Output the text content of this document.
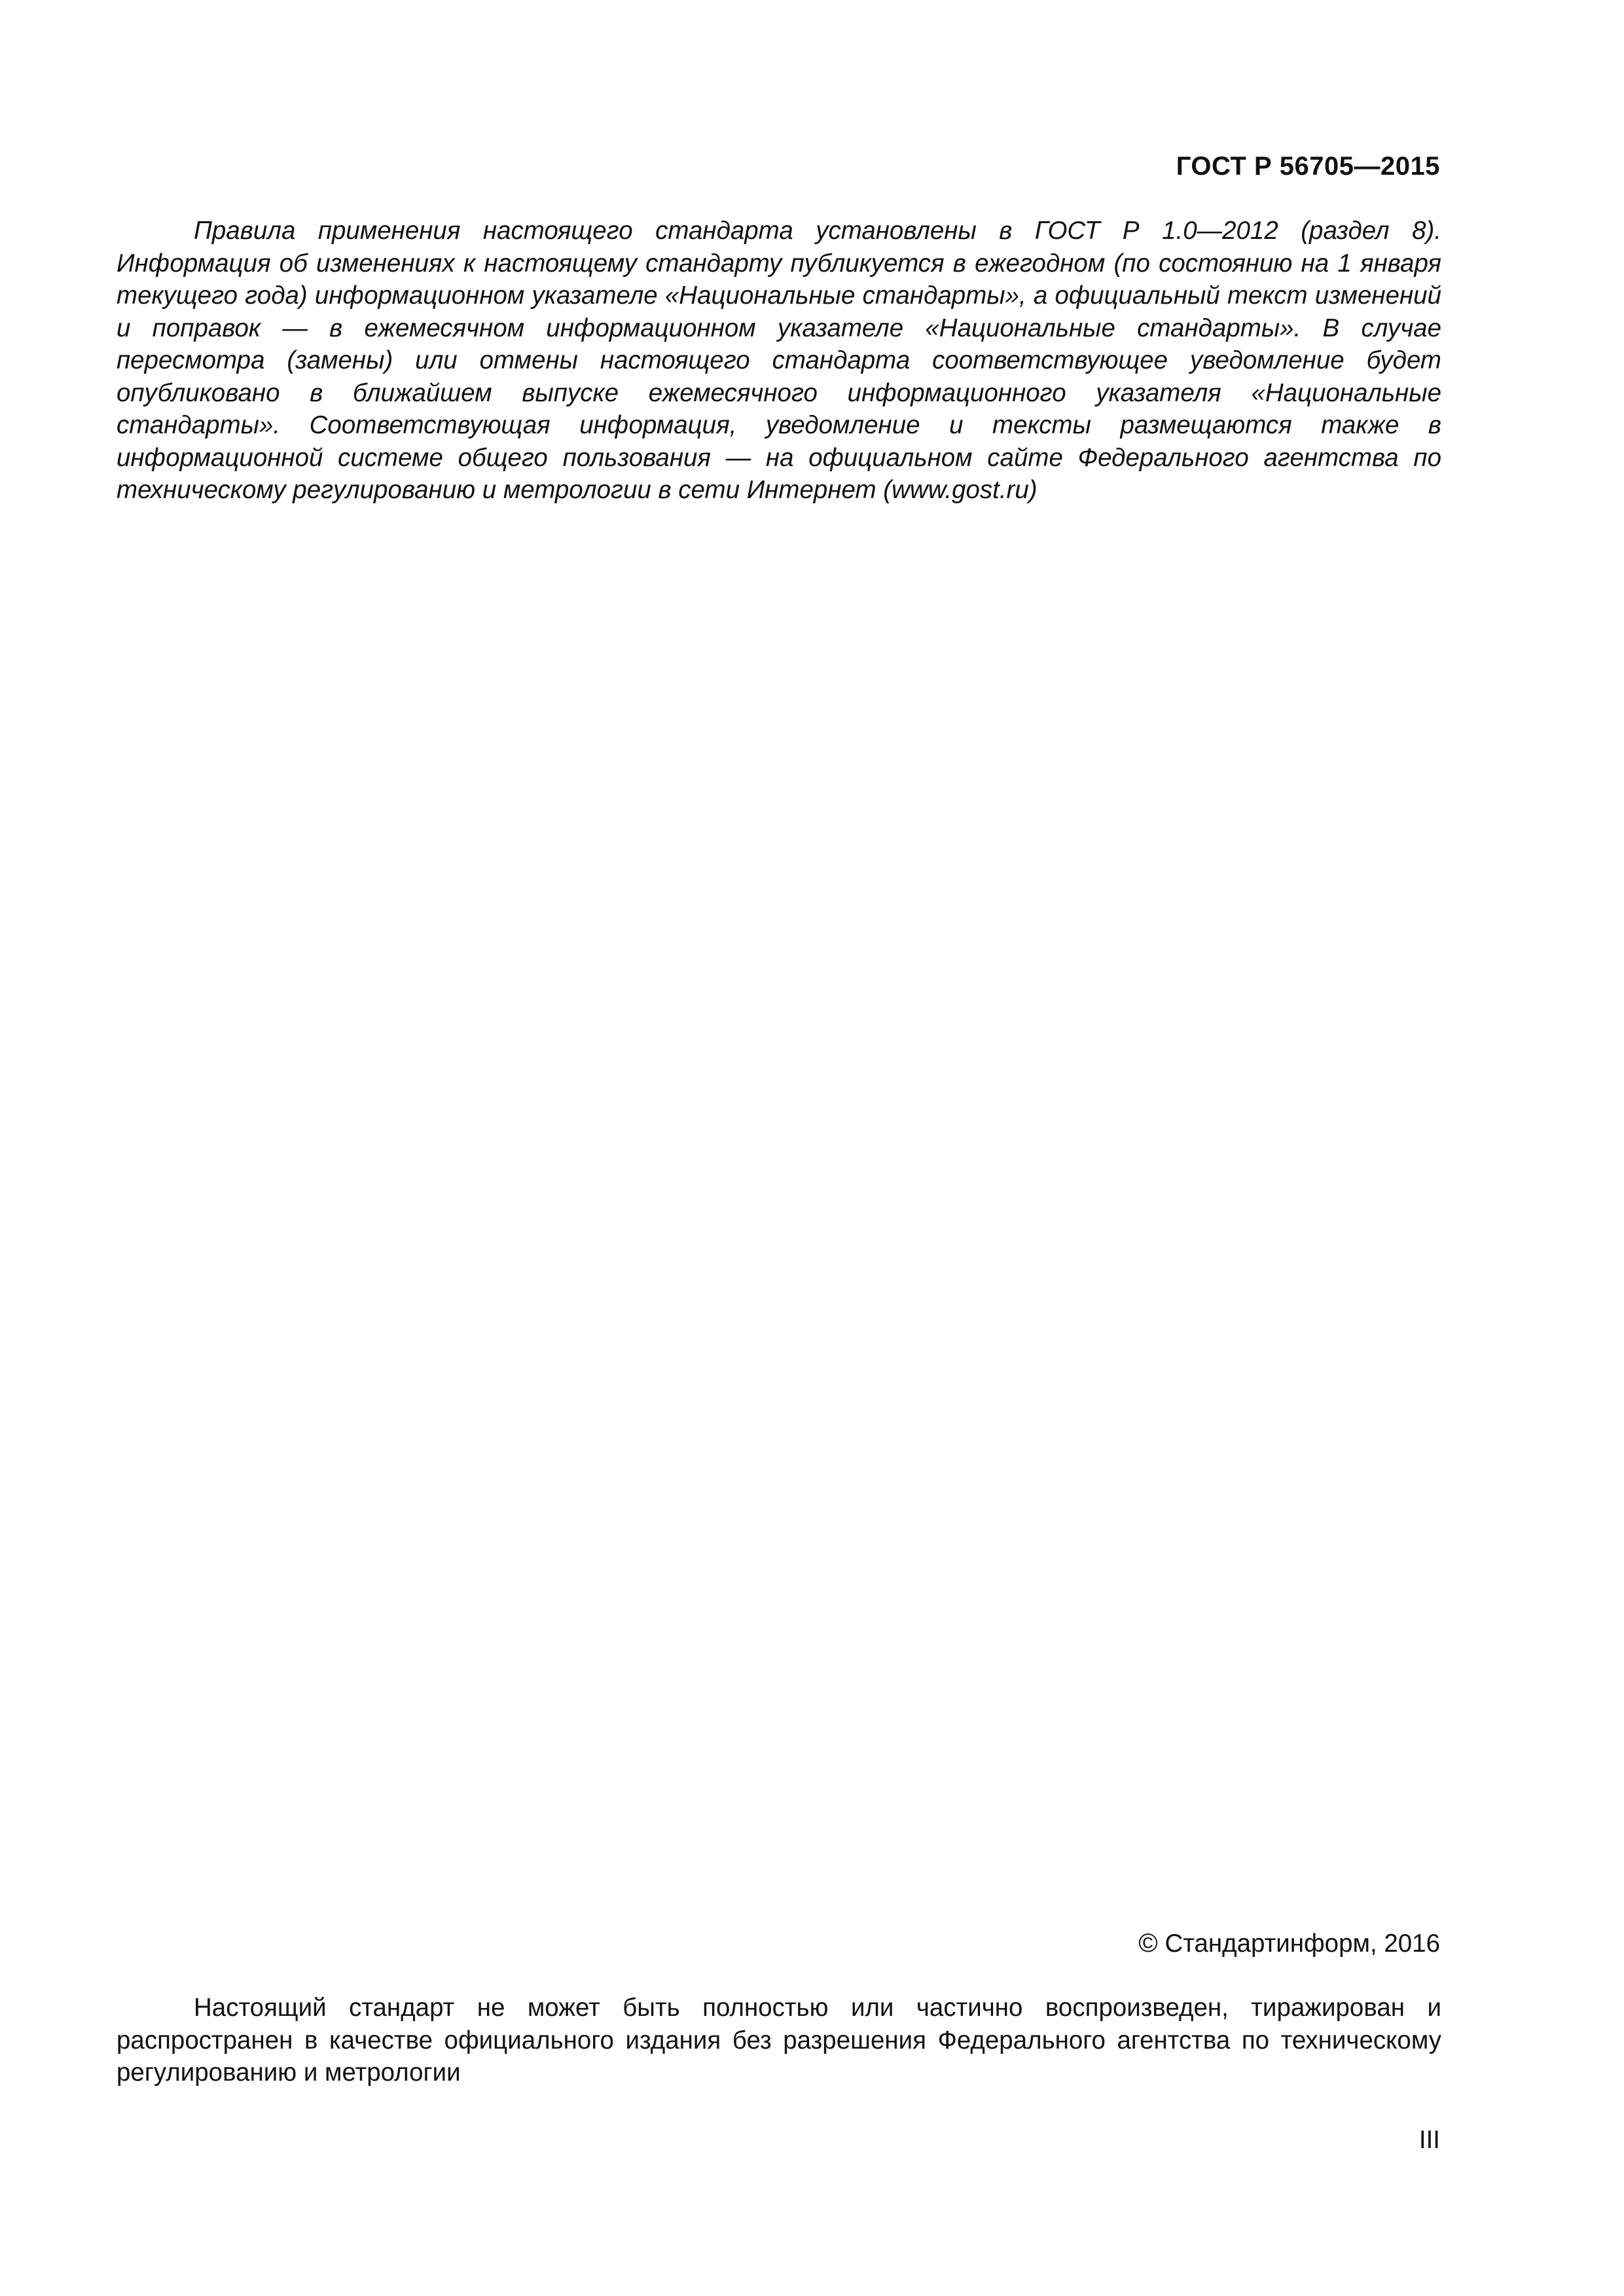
ГОСТ Р 56705—2015

Правила применения настоящего стандарта установлены в ГОСТ Р 1.0—2012 (раздел 8). Информация об изменениях к настоящему стандарту публикуется в ежегодном (по состоянию на 1 января текущего года) информационном указателе «Национальные стандарты», а официальный текст изменений и поправок — в ежемесячном информационном указателе «Национальные стандарты». В случае пересмотра (замены) или отмены настоящего стандарта соответствующее уведомление будет опубликовано в ближайшем выпуске ежемесячного информационного указателя «Национальные стандарты». Соответствующая информация, уведомление и тексты размещаются также в информационной системе общего пользования — на официальном сайте Федерального агентства по техническому регулированию и метрологии в сети Интернет (www.gost.ru)

© Стандартинформ, 2016

Настоящий стандарт не может быть полностью или частично воспроизведен, тиражирован и распространен в качестве официального издания без разрешения Федерального агентства по техническому регулированию и метрологии

III
